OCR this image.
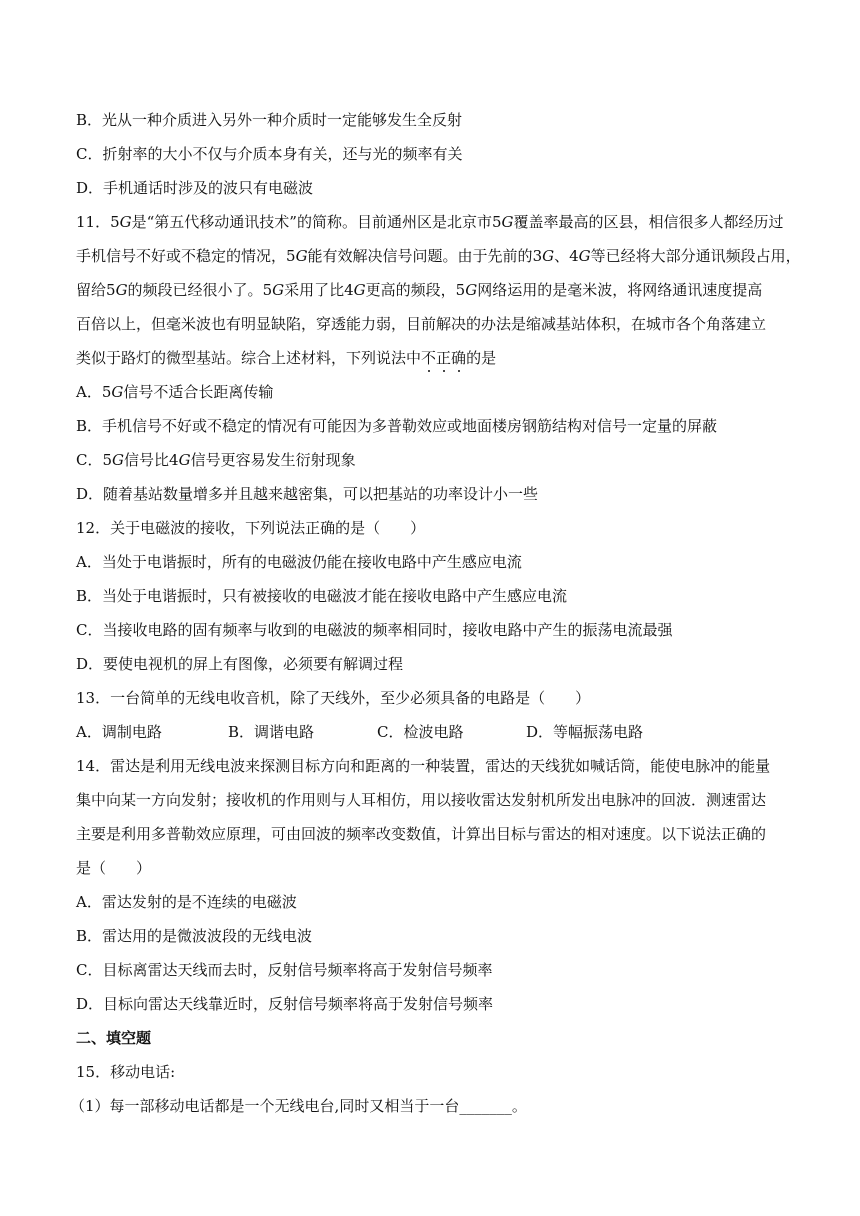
B．光从一种介质进入另外一种介质时一定能够发生全反射
C．折射率的大小不仅与介质本身有关，还与光的频率有关
D．手机通话时涉及的波只有电磁波
11．5G是“第五代移动通讯技术”的简称。目前通州区是北京市5G覆盖率最高的区县，相信很多人都经历过
手机信号不好或不稳定的情况，5G能有效解决信号问题。由于先前的3G、4G等已经将大部分通讯频段占用，
留给5G的频段已经很小了。5G采用了比4G更高的频段，5G网络运用的是毫米波，将网络通讯速度提高
百倍以上，但毫米波也有明显缺陷，穿透能力弱，目前解决的办法是缩减基站体积，在城市各个角落建立
类似于路灯的微型基站。综合上述材料，下列说法中不正确的是
A．5G信号不适合长距离传输
B．手机信号不好或不稳定的情况有可能因为多普勒效应或地面楼房钢筋结构对信号一定量的屏蔽
C．5G信号比4G信号更容易发生衍射现象
D．随着基站数量增多并且越来越密集，可以把基站的功率设计小一些
12．关于电磁波的接收，下列说法正确的是（　　）
A．当处于电谐振时，所有的电磁波仍能在接收电路中产生感应电流
B．当处于电谐振时，只有被接收的电磁波才能在接收电路中产生感应电流
C．当接收电路的固有频率与收到的电磁波的频率相同时，接收电路中产生的振荡电流最强
D．要使电视机的屏上有图像，必须要有解调过程
13．一台简单的无线电收音机，除了天线外，至少必须具备的电路是（　　）
A．调制电路	B．调谐电路	C．检波电路	D．等幅振荡电路
14．雷达是利用无线电波来探测目标方向和距离的一种装置，雷达的天线犹如喊话筒，能使电脉冲的能量
集中向某一方向发射；接收机的作用则与人耳相仿，用以接收雷达发射机所发出电脉冲的回波．测速雷达
主要是利用多普勒效应原理，可由回波的频率改变数值，计算出目标与雷达的相对速度。以下说法正确的
是（　　）
A．雷达发射的是不连续的电磁波
B．雷达用的是微波波段的无线电波
C．目标离雷达天线而去时，反射信号频率将高于发射信号频率
D．目标向雷达天线靠近时，反射信号频率将高于发射信号频率
二、填空题
15．移动电话:
（1）每一部移动电话都是一个无线电台,同时又相当于一台_______。
